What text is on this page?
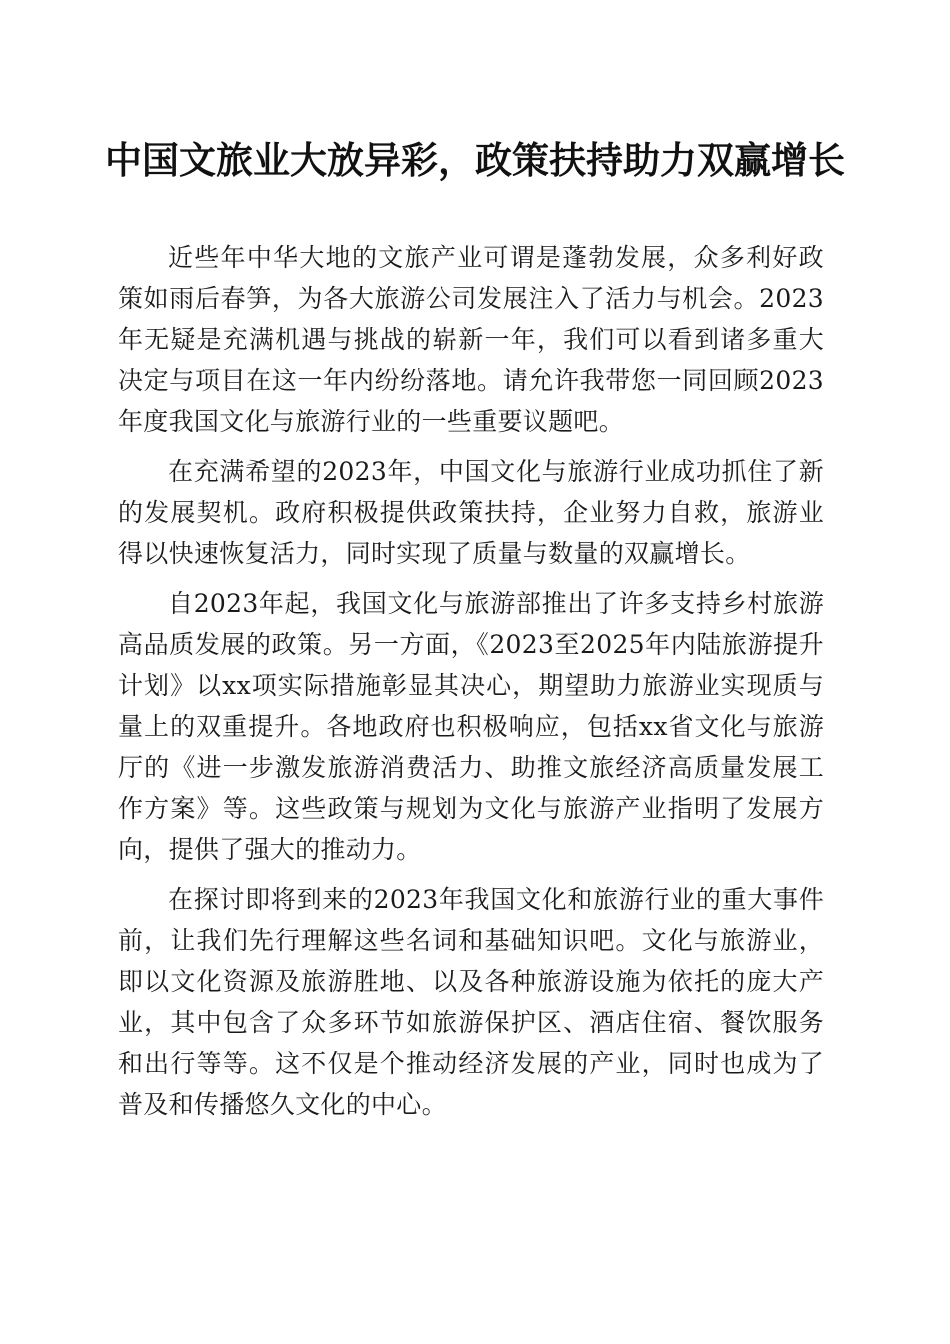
中国文旅业大放异彩，政策扶持助力双赢增长

近些年中华大地的文旅产业可谓是蓬勃发展，众多利好政策如雨后春笋，为各大旅游公司发展注入了活力与机会。2023年无疑是充满机遇与挑战的崭新一年，我们可以看到诸多重大决定与项目在这一年内纷纷落地。请允许我带您一同回顾2023年度我国文化与旅游行业的一些重要议题吧。

在充满希望的2023年，中国文化与旅游行业成功抓住了新的发展契机。政府积极提供政策扶持，企业努力自救，旅游业得以快速恢复活力，同时实现了质量与数量的双赢增长。

自2023年起，我国文化与旅游部推出了许多支持乡村旅游高品质发展的政策。另一方面，《2023至2025年内陆旅游提升计划》以xx项实际措施彰显其决心，期望助力旅游业实现质与量上的双重提升。各地政府也积极响应，包括xx省文化与旅游厅的《进一步激发旅游消费活力、助推文旅经济高质量发展工作方案》等。这些政策与规划为文化与旅游产业指明了发展方向，提供了强大的推动力。

在探讨即将到来的2023年我国文化和旅游行业的重大事件前，让我们先行理解这些名词和基础知识吧。文化与旅游业，即以文化资源及旅游胜地、以及各种旅游设施为依托的庞大产业，其中包含了众多环节如旅游保护区、酒店住宿、餐饮服务和出行等等。这不仅是个推动经济发展的产业，同时也成为了普及和传播悠久文化的中心。
